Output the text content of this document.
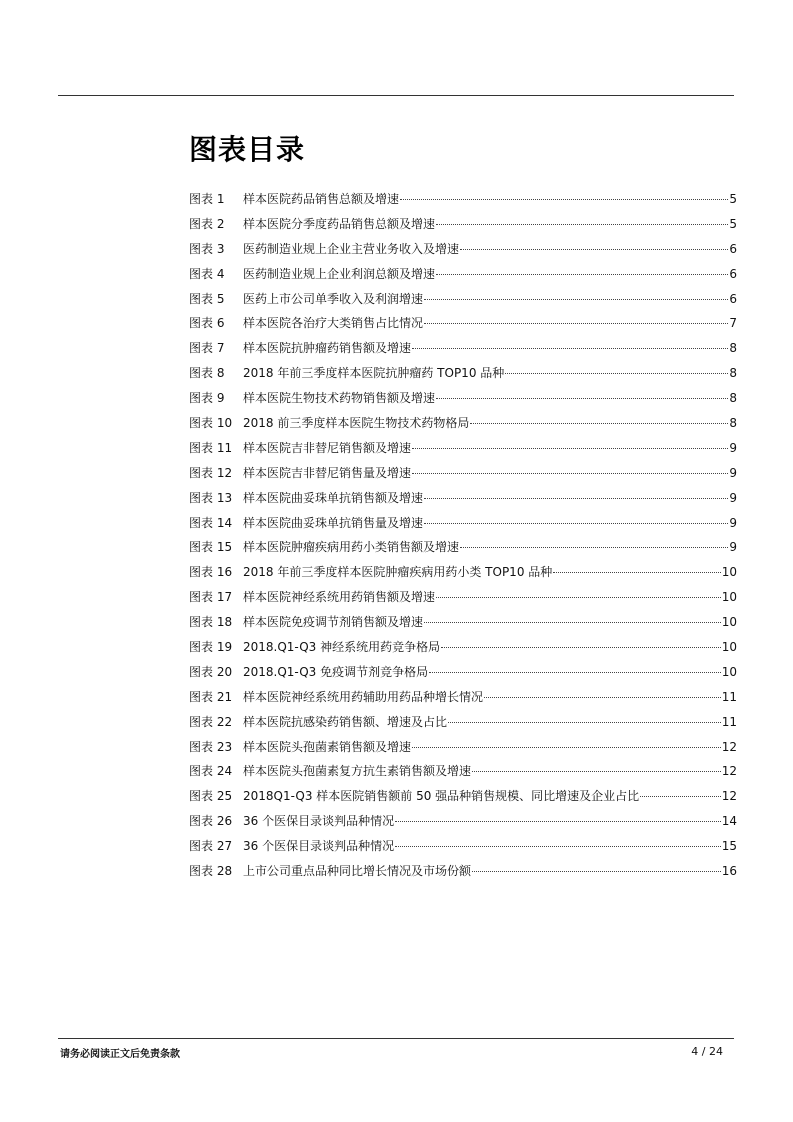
图表目录
图表 1	样本医院药品销售总额及增速	5
图表 2	样本医院分季度药品销售总额及增速	5
图表 3	医药制造业规上企业主营业务收入及增速	6
图表 4	医药制造业规上企业利润总额及增速	6
图表 5	医药上市公司单季收入及利润增速	6
图表 6	样本医院各治疗大类销售占比情况	7
图表 7	样本医院抗肿瘤药销售额及增速	8
图表 8	2018 年前三季度样本医院抗肿瘤药 TOP10 品种	8
图表 9	样本医院生物技术药物销售额及增速	8
图表 10 2018 前三季度样本医院生物技术药物格局	8
图表 11 样本医院吉非替尼销售额及增速	9
图表 12 样本医院吉非替尼销售量及增速	9
图表 13 样本医院曲妥珠单抗销售额及增速	9
图表 14 样本医院曲妥珠单抗销售量及增速	9
图表 15 样本医院肿瘤疾病用药小类销售额及增速	9
图表 16 2018 年前三季度样本医院肿瘤疾病用药小类 TOP10 品种	10
图表 17 样本医院神经系统用药销售额及增速	10
图表 18 样本医院免疫调节剂销售额及增速	10
图表 19 2018.Q1-Q3 神经系统用药竞争格局	10
图表 20 2018.Q1-Q3 免疫调节剂竞争格局	10
图表 21 样本医院神经系统用药辅助用药品种增长情况	11
图表 22 样本医院抗感染药销售额、增速及占比	11
图表 23 样本医院头孢菌素销售额及增速	12
图表 24 样本医院头孢菌素复方抗生素销售额及增速	12
图表 25 2018Q1-Q3 样本医院销售额前 50 强品种销售规模、同比增速及企业占比	12
图表 26 36 个医保目录谈判品种情况	14
图表 27 36 个医保目录谈判品种情况	15
图表 28 上市公司重点品种同比增长情况及市场份额	16
请务必阅读正文后免责条款	4 / 24
